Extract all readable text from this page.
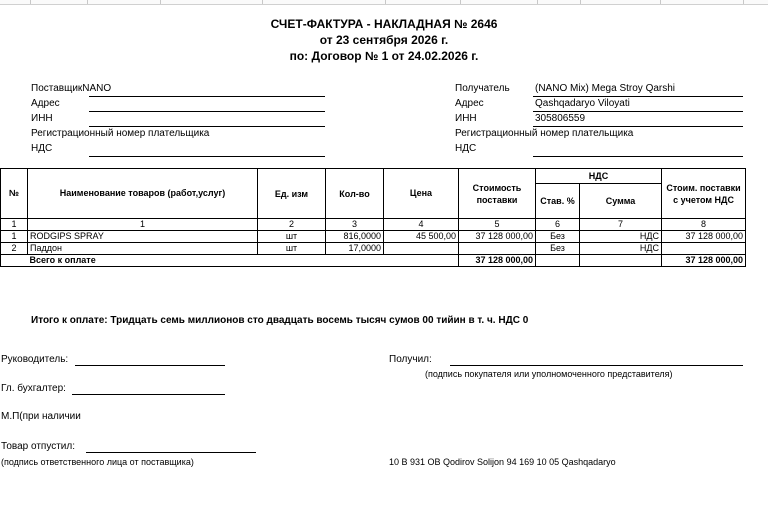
СЧЕТ-ФАКТУРА - НАКЛАДНАЯ № 2646
от 23 сентября 2026 г.
по: Договор № 1 от 24.02.2026 г.
ПоставщикNANO
Адрес
ИНН
Регистрационный номер плательщика
НДС
Получатель	(NANO Mix) Mega Stroy Qarshi
Адрес	Qashqadaryo Viloyati
ИНН	305806559
Регистрационный номер плательщика
НДС
№	Наименование товаров (работ,услуг)	Ед. изм	Кол-во	Цена	Стоимость поставки	НДС		Стоим. поставки с учетом НДС
						Став. %	Сумма	
1	1	2	3	4	5	6	7	8
1	RODGIPS SPRAY	шт	816,0000	45 500,00	37 128 000,00	Без	НДС	37 128 000,00
2	Паддон	шт	17,0000			Без	НДС	
	Всего к оплате				37 128 000,00			37 128 000,00
Итого к оплате: Тридцать семь миллионов сто двадцать восемь тысяч сумов 00 тийин в т. ч. НДС 0
Руководитель:
Гл. бухгалтер:
М.П(при наличии
Товар отпустил:
(подпись ответственного лица от поставщика)
Получил:
(подпись покупателя или уполномоченного представителя)
10 B 931 OB Qodirov Solijon 94 169 10 05 Qashqadaryo
